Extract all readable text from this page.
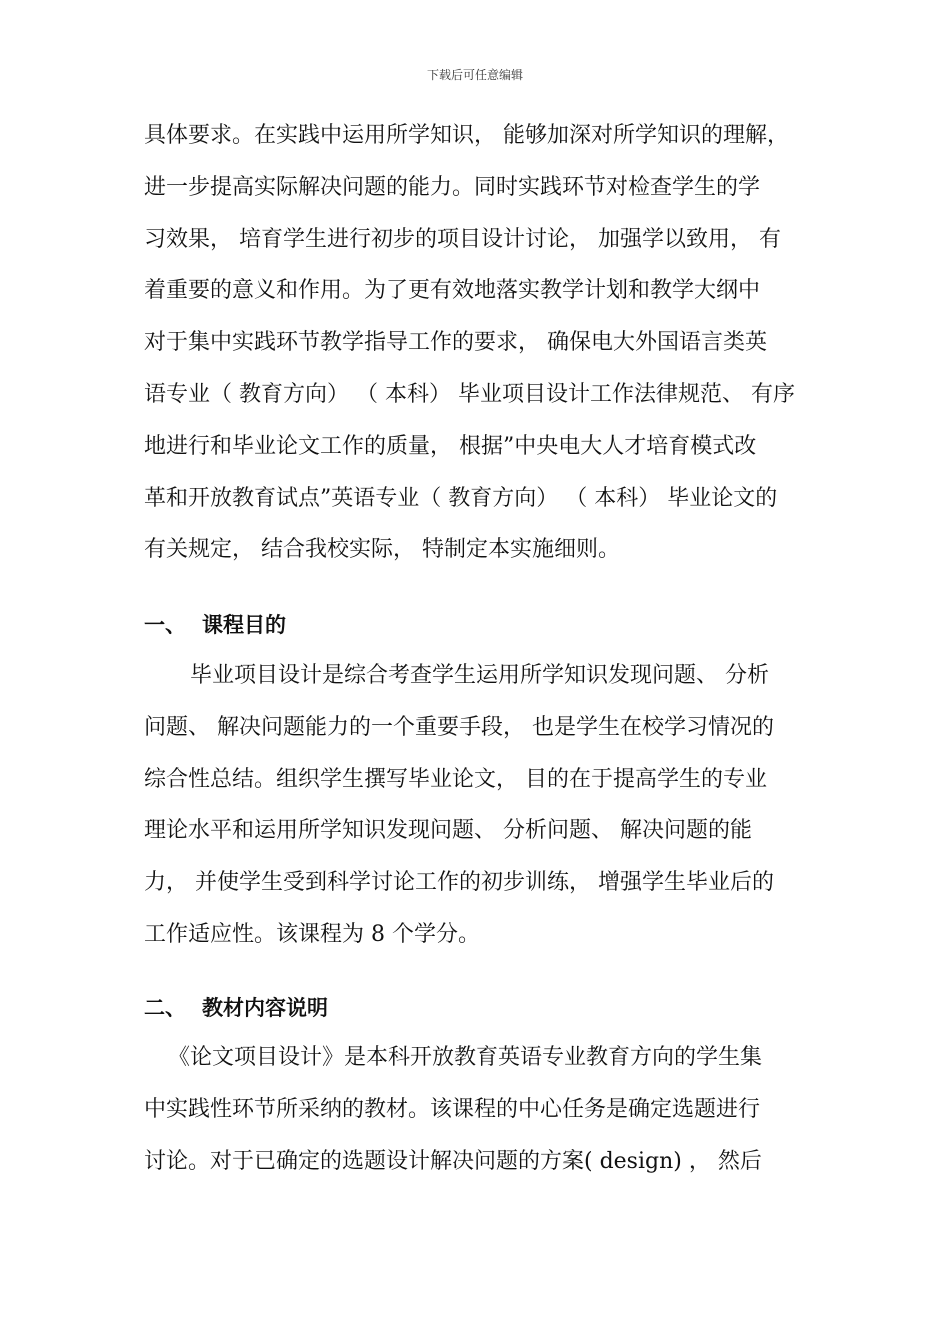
下载后可任意编辑
具体要求。在实践中运用所学知识， 能够加深对所学知识的理解，
进一步提高实际解决问题的能力。同时实践环节对检查学生的学
习效果， 培育学生进行初步的项目设计讨论， 加强学以致用， 有
着重要的意义和作用。为了更有效地落实教学计划和教学大纲中
对于集中实践环节教学指导工作的要求， 确保电大外国语言类英
语专业（ 教育方向） （ 本科） 毕业项目设计工作法律规范、 有序
地进行和毕业论文工作的质量， 根据”中央电大人才培育模式改
革和开放教育试点”英语专业（ 教育方向） （ 本科） 毕业论文的
有关规定， 结合我校实际， 特制定本实施细则。
一、 课程目的
毕业项目设计是综合考查学生运用所学知识发现问题、 分析
问题、 解决问题能力的一个重要手段， 也是学生在校学习情况的
综合性总结。组织学生撰写毕业论文， 目的在于提高学生的专业
理论水平和运用所学知识发现问题、 分析问题、 解决问题的能
力， 并使学生受到科学讨论工作的初步训练， 增强学生毕业后的
工作适应性。该课程为 8 个学分。
二、 教材内容说明
《论文项目设计》是本科开放教育英语专业教育方向的学生集
中实践性环节所采纳的教材。该课程的中心任务是确定选题进行
讨论。对于已确定的选题设计解决问题的方案( design) ， 然后
